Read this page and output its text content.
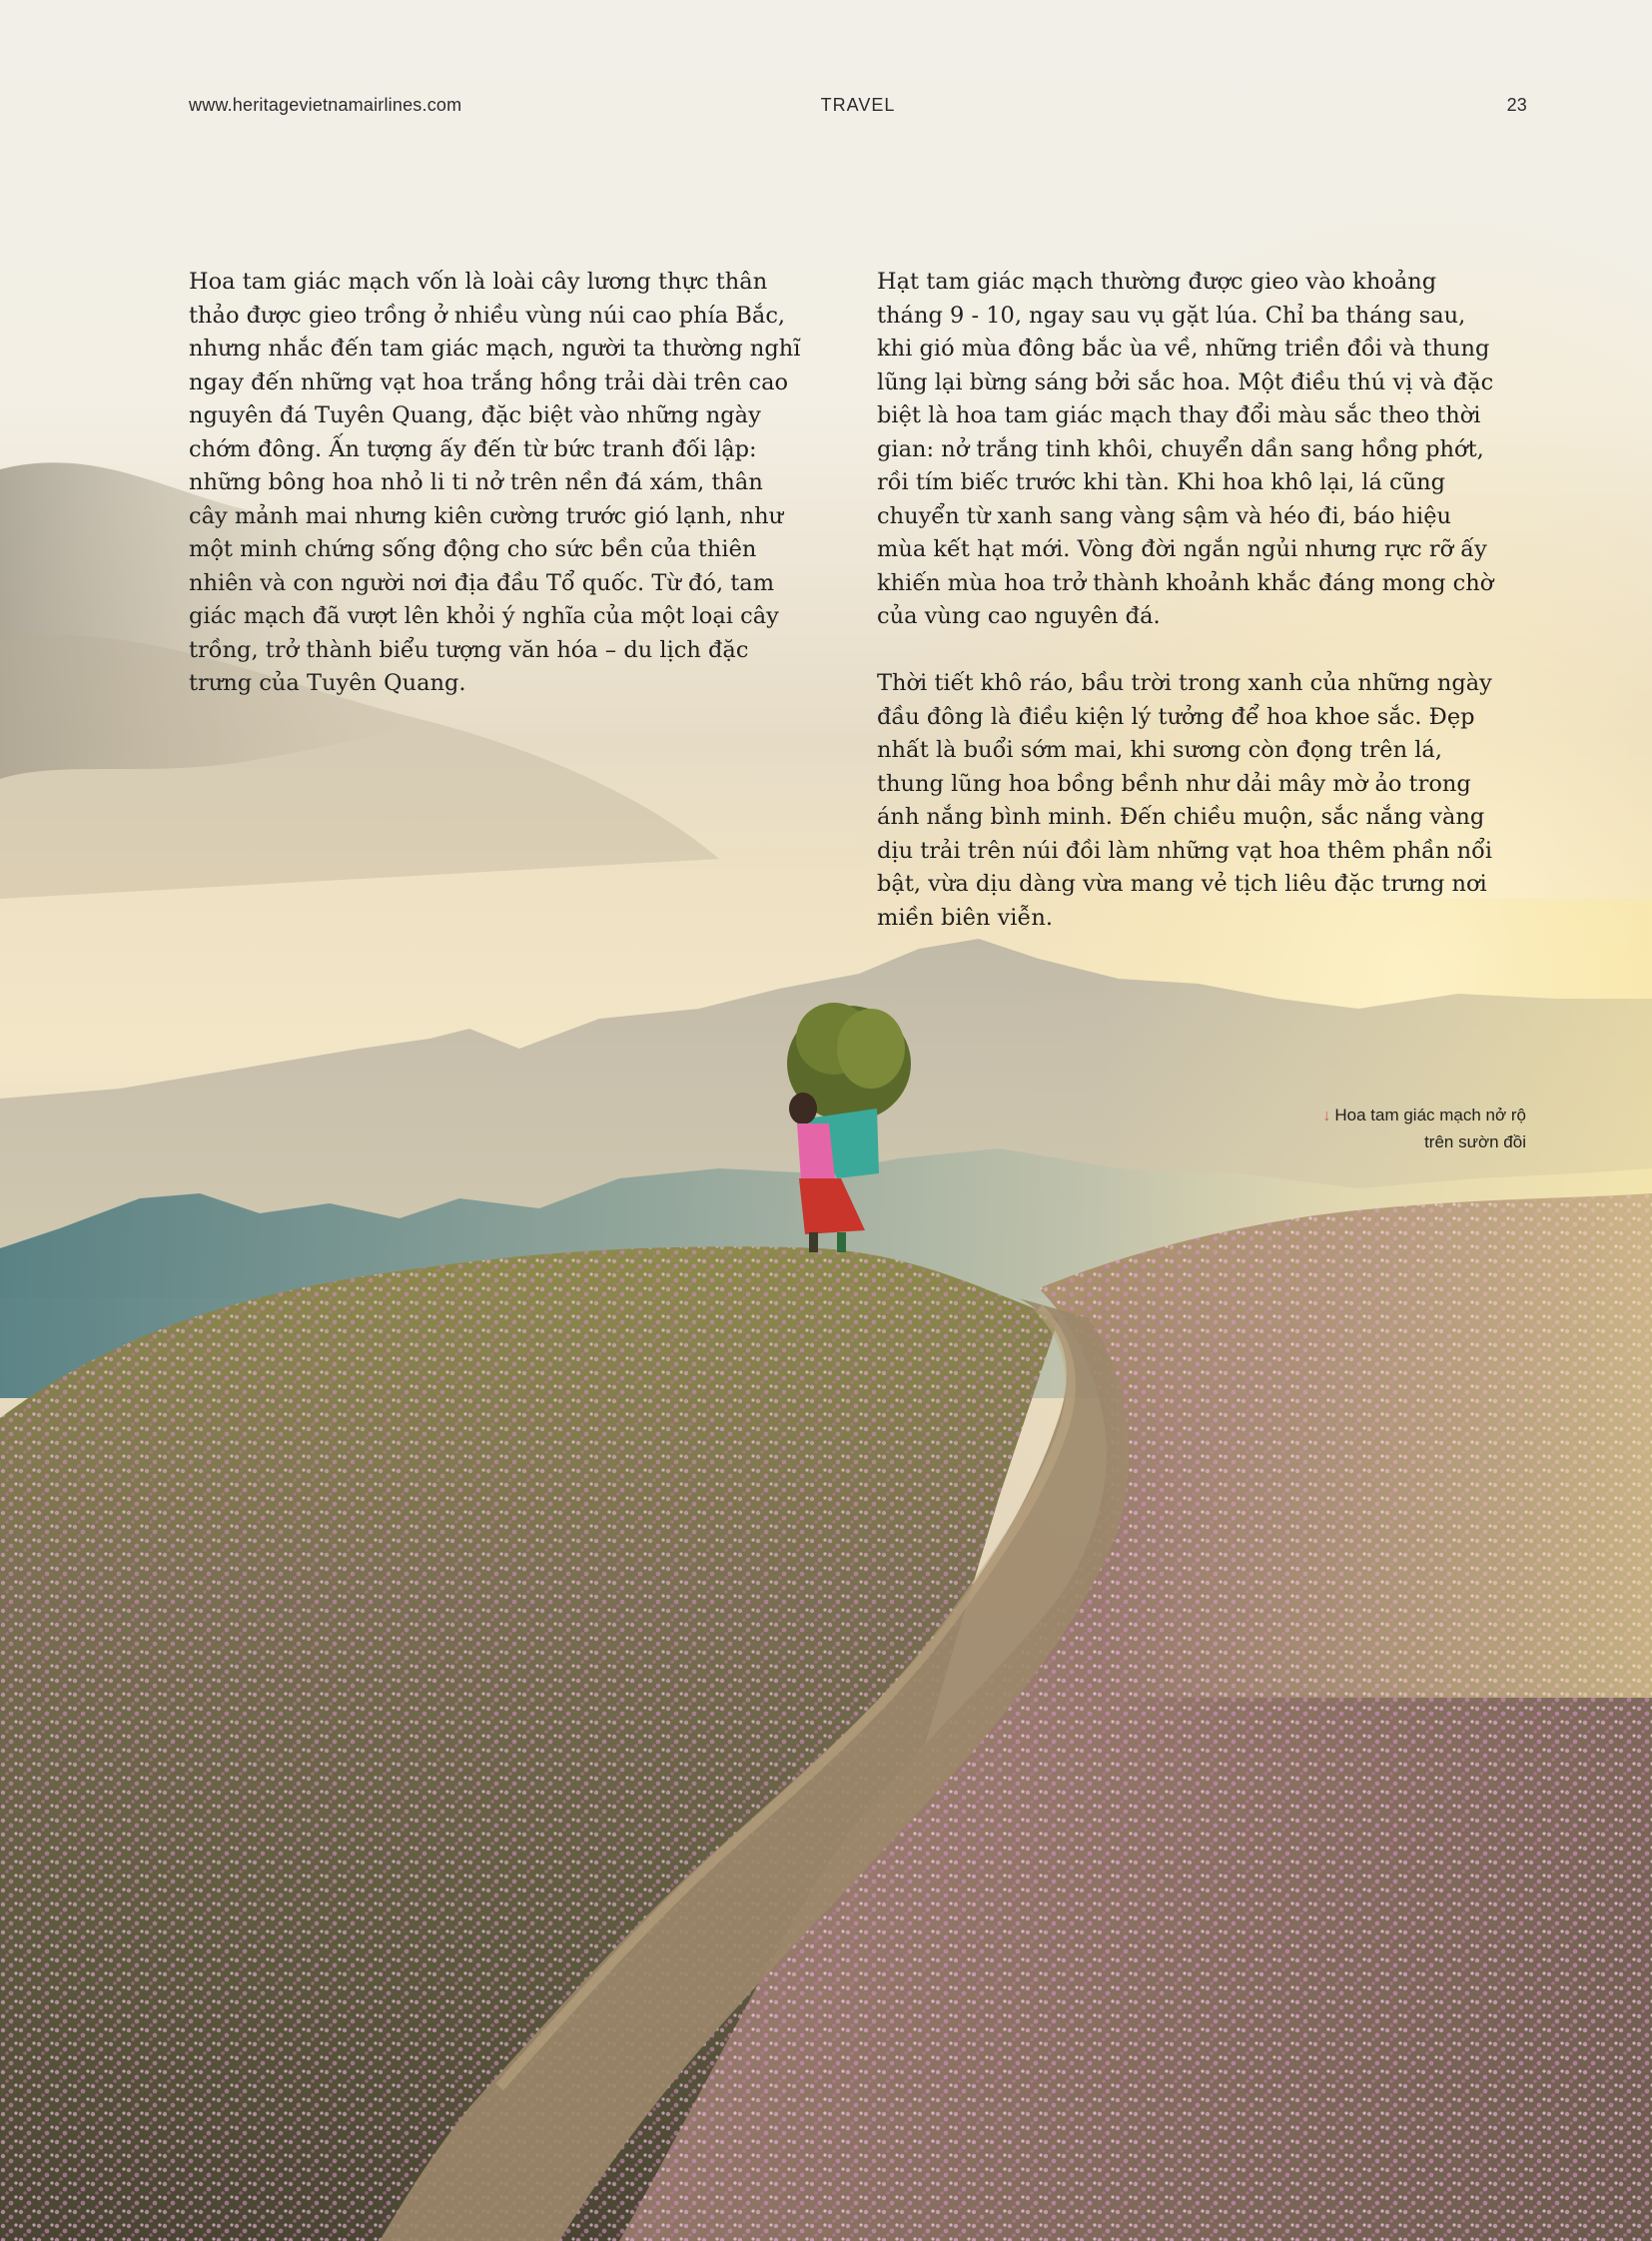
www.heritagevietnamairlines.com	TRAVEL	23

Hoa tam giác mạch vốn là loài cây lương thực thân thảo được gieo trồng ở nhiều vùng núi cao phía Bắc, nhưng nhắc đến tam giác mạch, người ta thường nghĩ ngay đến những vạt hoa trắng hồng trải dài trên cao nguyên đá Tuyên Quang, đặc biệt vào những ngày chớm đông. Ấn tượng ấy đến từ bức tranh đối lập: những bông hoa nhỏ li ti nở trên nền đá xám, thân cây mảnh mai nhưng kiên cường trước gió lạnh, như một minh chứng sống động cho sức bền của thiên nhiên và con người nơi địa đầu Tổ quốc. Từ đó, tam giác mạch đã vượt lên khỏi ý nghĩa của một loại cây trồng, trở thành biểu tượng văn hóa – du lịch đặc trưng của Tuyên Quang.

Hạt tam giác mạch thường được gieo vào khoảng tháng 9 - 10, ngay sau vụ gặt lúa. Chỉ ba tháng sau, khi gió mùa đông bắc ùa về, những triền đồi và thung lũng lại bừng sáng bởi sắc hoa. Một điều thú vị và đặc biệt là hoa tam giác mạch thay đổi màu sắc theo thời gian: nở trắng tinh khôi, chuyển dần sang hồng phớt, rồi tím biếc trước khi tàn. Khi hoa khô lại, lá cũng chuyển từ xanh sang vàng sậm và héo đi, báo hiệu mùa kết hạt mới. Vòng đời ngắn ngủi nhưng rực rỡ ấy khiến mùa hoa trở thành khoảnh khắc đáng mong chờ của vùng cao nguyên đá.

Thời tiết khô ráo, bầu trời trong xanh của những ngày đầu đông là điều kiện lý tưởng để hoa khoe sắc. Đẹp nhất là buổi sớm mai, khi sương còn đọng trên lá, thung lũng hoa bồng bềnh như dải mây mờ ảo trong ánh nắng bình minh. Đến chiều muộn, sắc nắng vàng dịu trải trên núi đồi làm những vạt hoa thêm phần nổi bật, vừa dịu dàng vừa mang vẻ tịch liêu đặc trưng nơi miền biên viễn.

↓ Hoa tam giác mạch nở rộ
trên sườn đồi
